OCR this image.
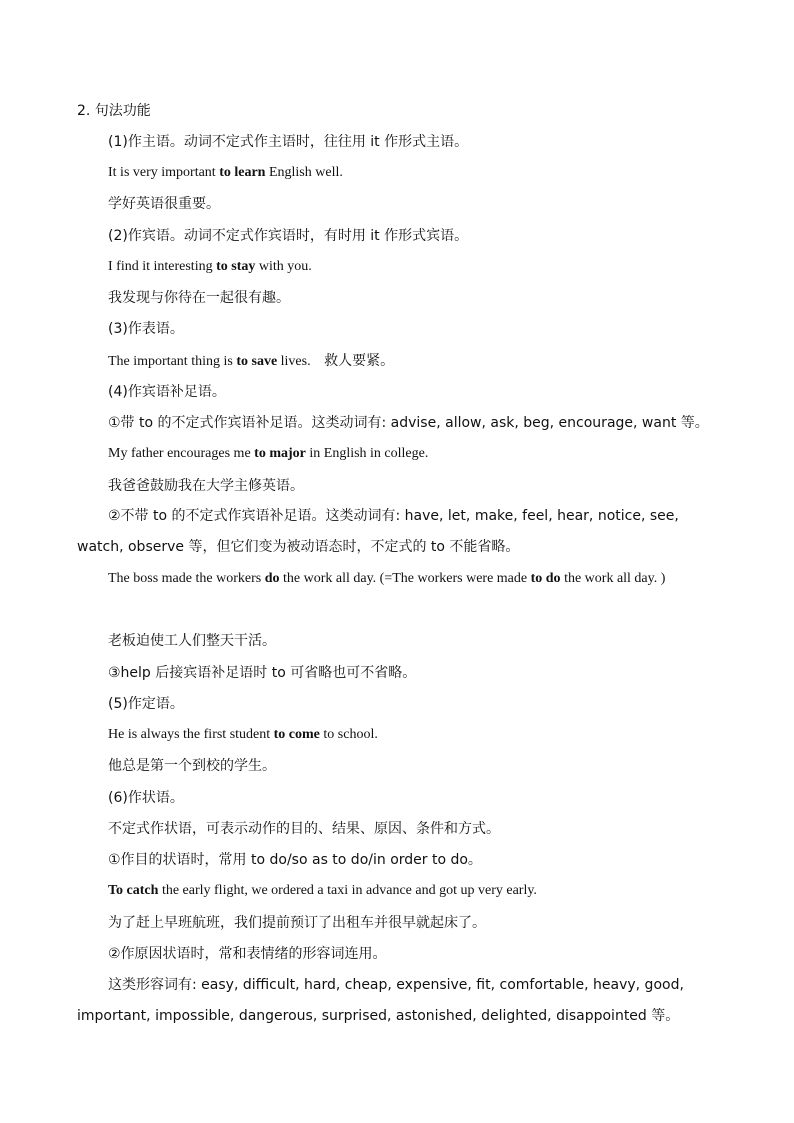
2. 句法功能
(1)作主语。动词不定式作主语时，往往用 it 作形式主语。
It is very important to learn English well.
学好英语很重要。
(2)作宾语。动词不定式作宾语时，有时用 it 作形式宾语。
I find it interesting to stay with you.
我发现与你待在一起很有趣。
(3)作表语。
The important thing is to save lives. 救人要紧。
(4)作宾语补足语。
①带 to 的不定式作宾语补足语。这类动词有: advise, allow, ask, beg, encourage, want 等。
My father encourages me to major in English in college.
我爸爸鼓励我在大学主修英语。
②不带 to 的不定式作宾语补足语。这类动词有: have, let, make, feel, hear, notice, see, watch, observe 等，但它们变为被动语态时，不定式的 to 不能省略。
The boss made the workers do the work all day. (=The workers were made to do the work all day. )
老板迫使工人们整天干活。
③help 后接宾语补足语时 to 可省略也可不省略。
(5)作定语。
He is always the first student to come to school.
他总是第一个到校的学生。
(6)作状语。
不定式作状语，可表示动作的目的、结果、原因、条件和方式。
①作目的状语时，常用 to do/so as to do/in order to do。
To catch the early flight, we ordered a taxi in advance and got up very early.
为了赶上早班航班，我们提前预订了出租车并很早就起床了。
②作原因状语时，常和表情绪的形容词连用。
这类形容词有: easy, difficult, hard, cheap, expensive, fit, comfortable, heavy, good, important, impossible, dangerous, surprised, astonished, delighted, disappointed 等。
